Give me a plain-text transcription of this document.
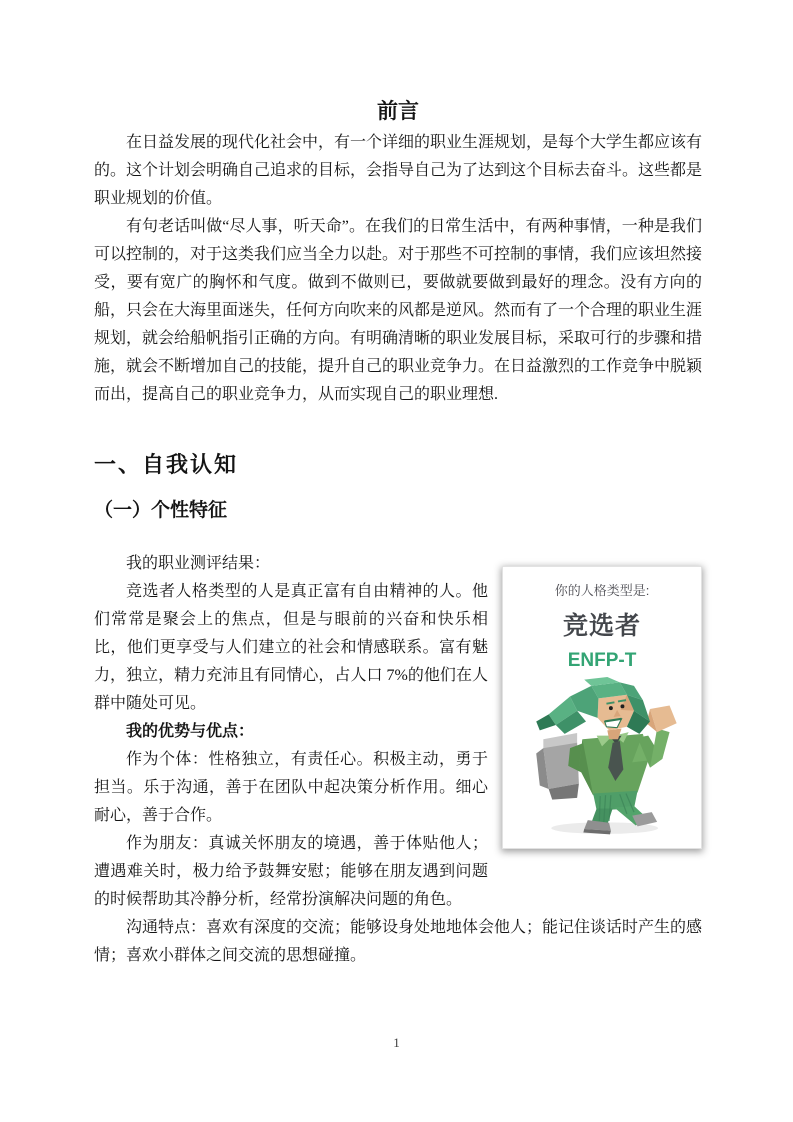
前言

在日益发展的现代化社会中，有一个详细的职业生涯规划，是每个大学生都应该有的。这个计划会明确自己追求的目标，会指导自己为了达到这个目标去奋斗。这些都是职业规划的价值。

有句老话叫做“尽人事，听天命”。在我们的日常生活中，有两种事情，一种是我们可以控制的，对于这类我们应当全力以赴。对于那些不可控制的事情，我们应该坦然接受，要有宽广的胸怀和气度。做到不做则已，要做就要做到最好的理念。没有方向的船，只会在大海里面迷失，任何方向吹来的风都是逆风。然而有了一个合理的职业生涯规划，就会给船帆指引正确的方向。有明确清晰的职业发展目标，采取可行的步骤和措施，就会不断增加自己的技能，提升自己的职业竞争力。在日益激烈的工作竞争中脱颖而出，提高自己的职业竞争力，从而实现自己的职业理想.

一、自我认知
（一）个性特征
你的人格类型是:
竞选者
ENFP-T

我的职业测评结果：

竞选者人格类型的人是真正富有自由精神的人。他们常常是聚会上的焦点，但是与眼前的兴奋和快乐相比，他们更享受与人们建立的社会和情感联系。富有魅力，独立，精力充沛且有同情心，占人口 7%的他们在人群中随处可见。

我的优势与优点：

作为个体：性格独立，有责任心。积极主动，勇于担当。乐于沟通，善于在团队中起决策分析作用。细心耐心，善于合作。

作为朋友：真诚关怀朋友的境遇，善于体贴他人；遭遇难关时，极力给予鼓舞安慰；能够在朋友遇到问题的时候帮助其冷静分析，经常扮演解决问题的角色。

沟通特点：喜欢有深度的交流；能够设身处地地体会他人；能记住谈话时产生的感情；喜欢小群体之间交流的思想碰撞。

1
